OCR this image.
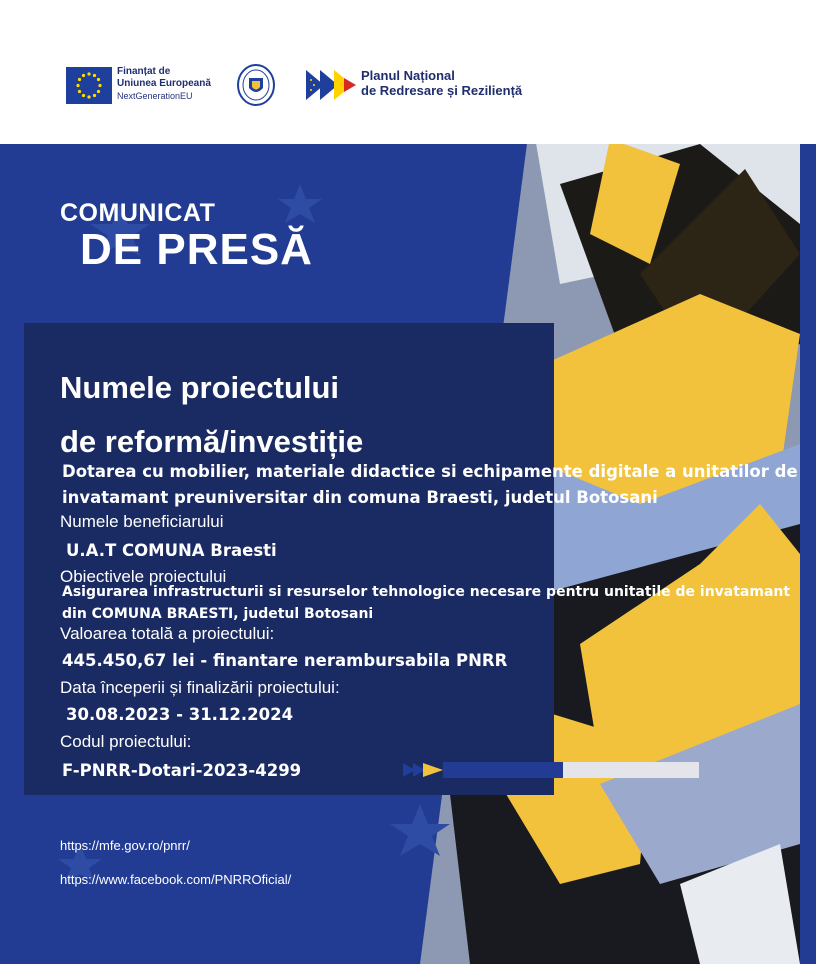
Finanțat de
Uniunea Europeană
NextGenerationEU
Planul Național
de Redresare și Reziliență
COMUNICAT
DE PRESĂ
Numele proiectului
de reformă/investiție
Dotarea cu mobilier, materiale didactice si echipamente digitale a unitatilor de
invatamant preuniversitar din comuna Braesti, judetul Botosani
Numele beneficiarului
U.A.T COMUNA Braesti
Obiectivele proiectului
Asigurarea infrastructurii si resurselor tehnologice necesare pentru unitatile de invatamant
din COMUNA BRAESTI, judetul Botosani
Valoarea totală a proiectului:
445.450,67 lei - finantare nerambursabila PNRR
Data începerii și finalizării proiectului:
30.08.2023 - 31.12.2024
Codul proiectului:
F-PNRR-Dotari-2023-4299
https://mfe.gov.ro/pnrr/
https://www.facebook.com/PNRROficial/
